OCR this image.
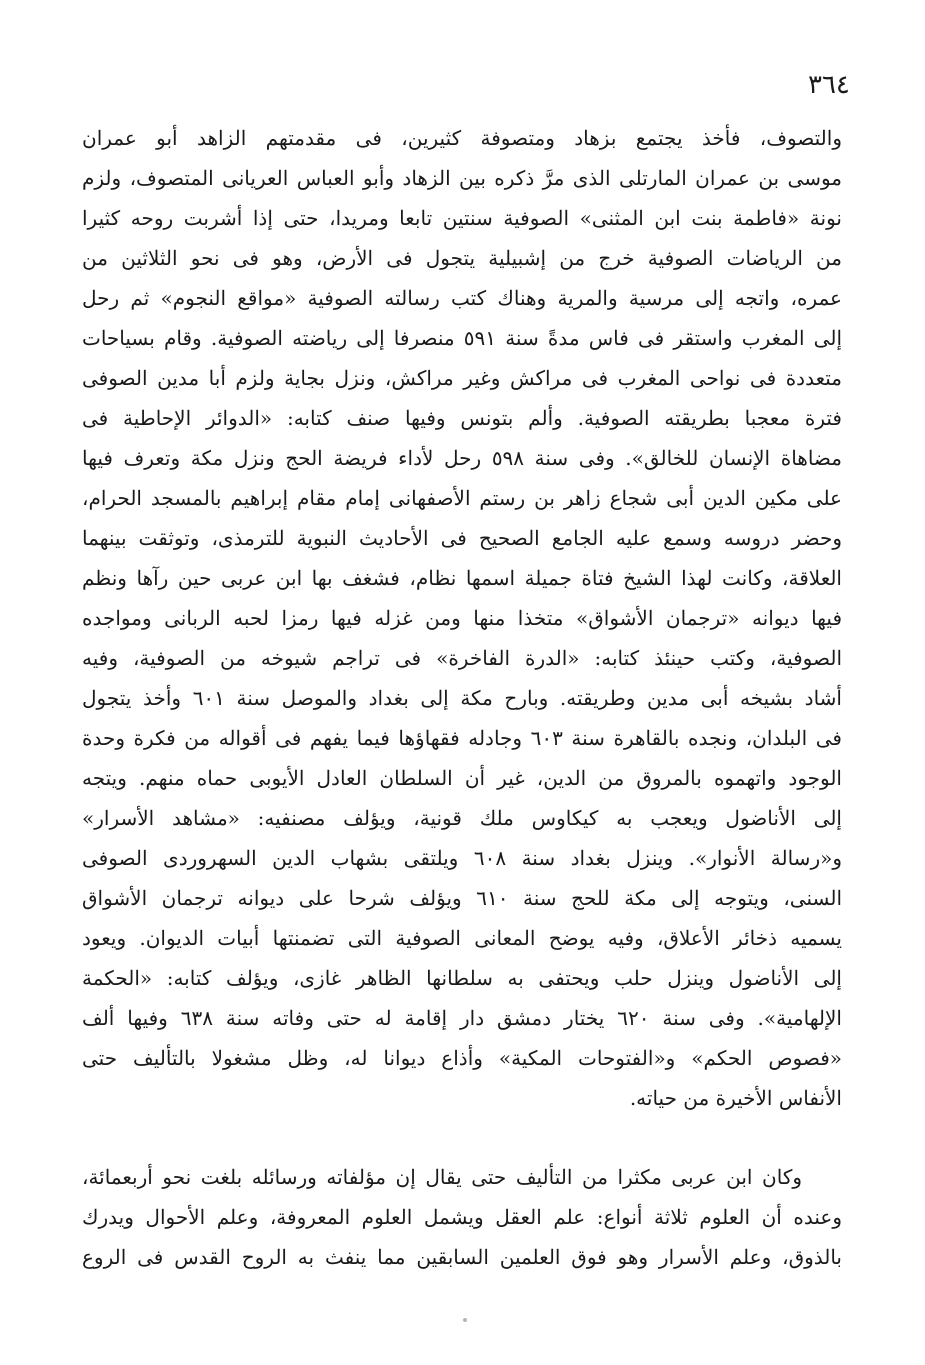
٣٦٤
والتصوف، فأخذ يجتمع بزهاد ومتصوفة كثيرين، فى مقدمتهم الزاهد أبو عمران
موسى بن عمران المارتلى الذى مرَّ ذكره بين الزهاد وأبو العباس العريانى المتصوف، ولزم
نونة «فاطمة بنت ابن المثنى» الصوفية سنتين تابعا ومريدا، حتى إذا أشربت روحه كثيرا
من الرياضات الصوفية خرج من إشبيلية يتجول فى الأرض، وهو فى نحو الثلاثين من
عمره، واتجه إلى مرسية والمرية وهناك كتب رسالته الصوفية «مواقع النجوم» ثم رحل
إلى المغرب واستقر فى فاس مدةً سنة ٥٩١ منصرفا إلى رياضته الصوفية. وقام بسياحات
متعددة فى نواحى المغرب فى مراكش وغير مراكش، ونزل بجاية ولزم أبا مدين الصوفى
فترة معجبا بطريقته الصوفية. وألم بتونس وفيها صنف كتابه: «الدوائر الإحاطية فى
مضاهاة الإنسان للخالق». وفى سنة ٥٩٨ رحل لأداء فريضة الحج ونزل مكة وتعرف فيها
على مكين الدين أبى شجاع زاهر بن رستم الأصفهانى إمام مقام إبراهيم بالمسجد الحرام،
وحضر دروسه وسمع عليه الجامع الصحيح فى الأحاديث النبوية للترمذى، وتوثقت بينهما
العلاقة، وكانت لهذا الشيخ فتاة جميلة اسمها نظام، فشغف بها ابن عربى حين رآها ونظم
فيها ديوانه «ترجمان الأشواق» متخذا منها ومن غزله فيها رمزا لحبه الربانى ومواجده
الصوفية، وكتب حينئذ كتابه: «الدرة الفاخرة» فى تراجم شيوخه من الصوفية، وفيه
أشاد بشيخه أبى مدين وطريقته. وبارح مكة إلى بغداد والموصل سنة ٦٠١ وأخذ يتجول
فى البلدان، ونجده بالقاهرة سنة ٦٠٣ وجادله فقهاؤها فيما يفهم فى أقواله من فكرة وحدة
الوجود واتهموه بالمروق من الدين، غير أن السلطان العادل الأيوبى حماه منهم. ويتجه
إلى الأناضول ويعجب به كيكاوس ملك قونية، ويؤلف مصنفيه: «مشاهد الأسرار»
و«رسالة الأنوار». وينزل بغداد سنة ٦٠٨ ويلتقى بشهاب الدين السهروردى الصوفى
السنى، ويتوجه إلى مكة للحج سنة ٦١٠ ويؤلف شرحا على ديوانه ترجمان الأشواق
يسميه ذخائر الأعلاق، وفيه يوضح المعانى الصوفية التى تضمنتها أبيات الديوان. ويعود
إلى الأناضول وينزل حلب ويحتفى به سلطانها الظاهر غازى، ويؤلف كتابه: «الحكمة
الإلهامية». وفى سنة ٦٢٠ يختار دمشق دار إقامة له حتى وفاته سنة ٦٣٨ وفيها ألف
«فصوص الحكم» و«الفتوحات المكية» وأذاع ديوانا له، وظل مشغولا بالتأليف حتى
الأنفاس الأخيرة من حياته.
وكان ابن عربى مكثرا من التأليف حتى يقال إن مؤلفاته ورسائله بلغت نحو أربعمائة،
وعنده أن العلوم ثلاثة أنواع: علم العقل ويشمل العلوم المعروفة، وعلم الأحوال ويدرك
بالذوق، وعلم الأسرار وهو فوق العلمين السابقين مما ينفث به الروح القدس فى الروع
